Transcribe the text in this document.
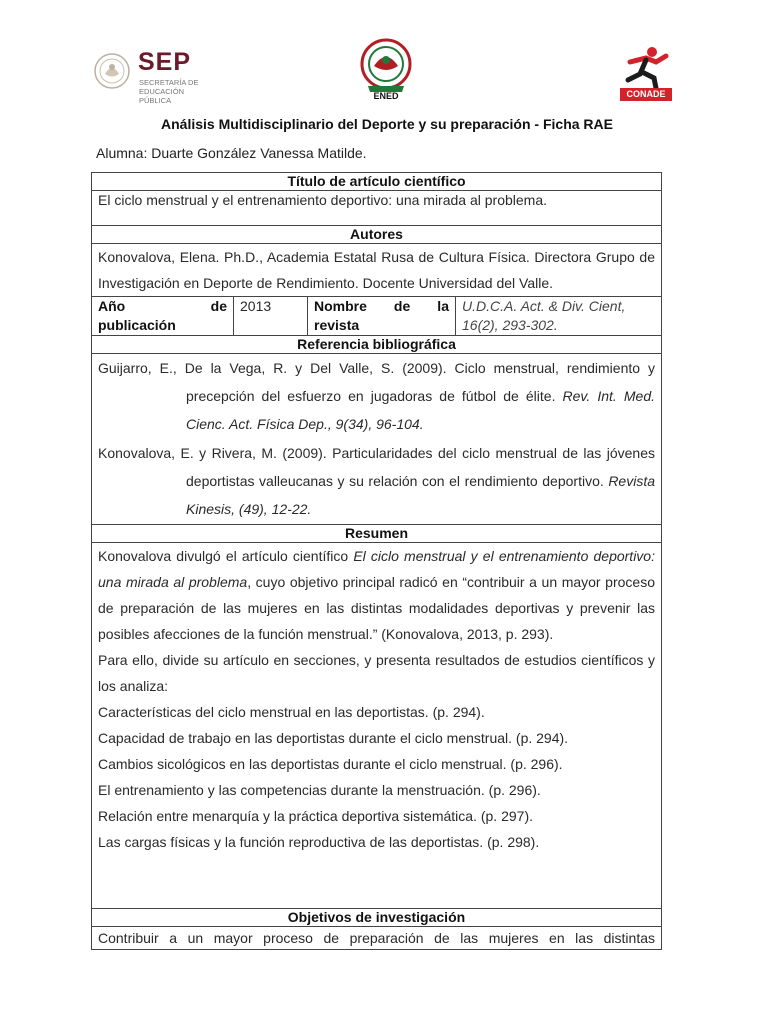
SEP
SECRETARÍA DE
EDUCACIÓN PÚBLICA	ENED	CONADE
Análisis Multidisciplinario del Deporte y su preparación - Ficha RAE
Alumna: Duarte González Vanessa Matilde.
Título de artículo científico
El ciclo menstrual y el entrenamiento deportivo: una mirada al problema.
Autores
Konovalova, Elena. Ph.D., Academia Estatal Rusa de Cultura Física. Directora Grupo de Investigación en Deporte de Rendimiento. Docente Universidad del Valle.
Año de publicación	2013	Nombre de la revista	U.D.C.A. Act. & Div. Cient, 16(2), 293-302.
Referencia bibliográfica

Guijarro, E., De la Vega, R. y Del Valle, S. (2009). Ciclo menstrual, rendimiento y precepción del esfuerzo en jugadoras de fútbol de élite. Rev. Int. Med. Cienc. Act. Física Dep., 9(34), 96-104.

Konovalova, E. y Rivera, M. (2009). Particularidades del ciclo menstrual de las jóvenes deportistas valleucanas y su relación con el rendimiento deportivo. Revista Kinesis, (49), 12-22.

Resumen

Konovalova divulgó el artículo científico El ciclo menstrual y el entrenamiento deportivo: una mirada al problema, cuyo objetivo principal radicó en “contribuir a un mayor proceso de preparación de las mujeres en las distintas modalidades deportivas y prevenir las posibles afecciones de la función menstrual.” (Konovalova, 2013, p. 293).

Para ello, divide su artículo en secciones, y presenta resultados de estudios científicos y los analiza:

Características del ciclo menstrual en las deportistas. (p. 294).

Capacidad de trabajo en las deportistas durante el ciclo menstrual. (p. 294).

Cambios sicológicos en las deportistas durante el ciclo menstrual. (p. 296).

El entrenamiento y las competencias durante la menstruación. (p. 296).

Relación entre menarquía y la práctica deportiva sistemática. (p. 297).

Las cargas físicas y la función reproductiva de las deportistas. (p. 298).

Objetivos de investigación

Contribuir a un mayor proceso de preparación de las mujeres en las distintas
